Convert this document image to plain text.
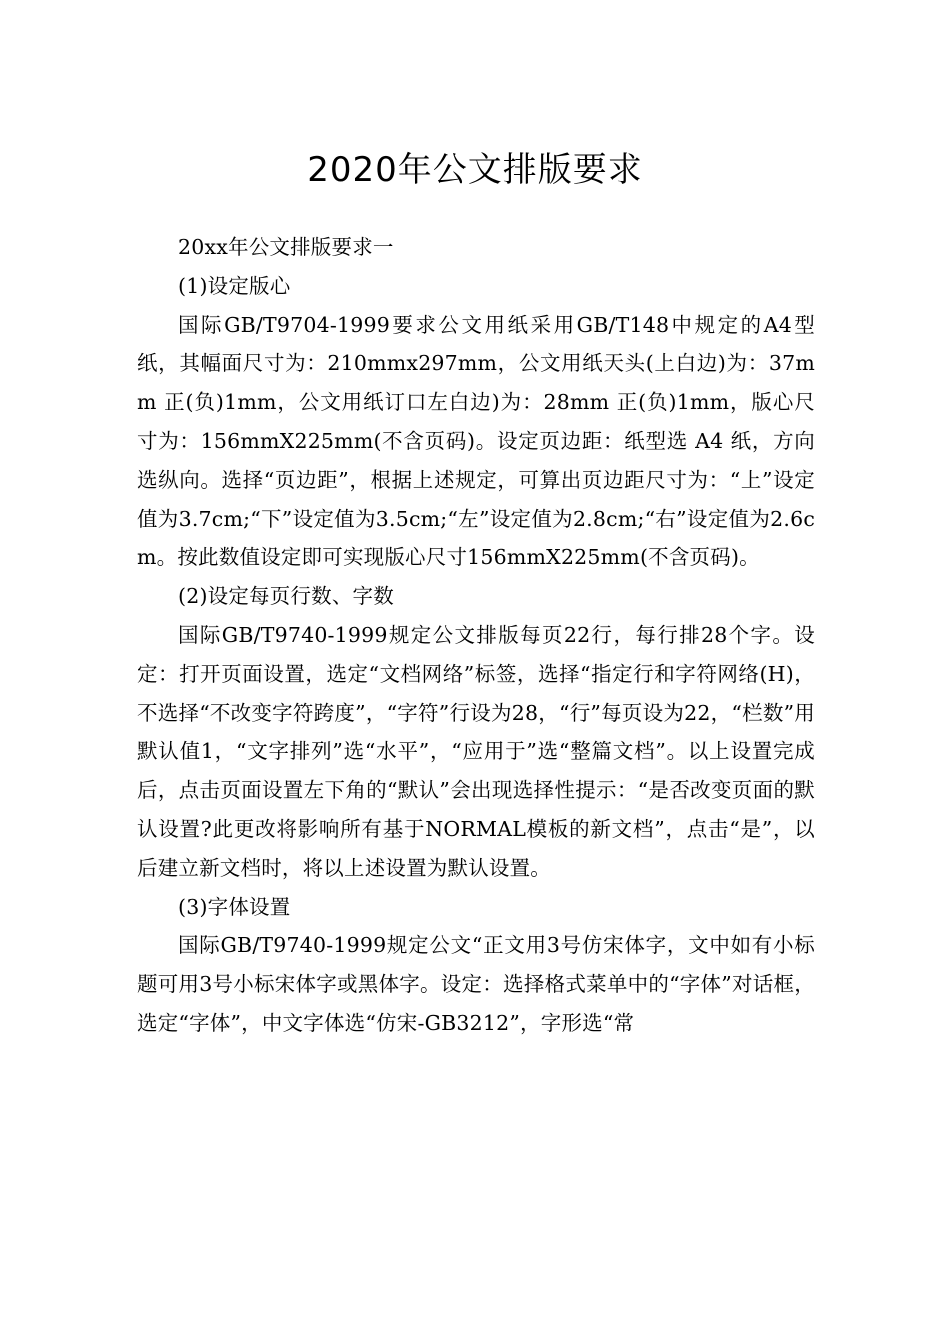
2020年公文排版要求

20xx年公文排版要求一

(1)设定版心

国际GB/T9704-1999要求公文用纸采用GB/T148中规定的A4型纸，其幅面尺寸为：210mmx297mm，公文用纸天头(上白边)为：37mm 正(负)1mm，公文用纸订口左白边)为：28mm 正(负)1mm，版心尺寸为：156mmX225mm(不含页码)。设定页边距：纸型选 A4 纸，方向选纵向。选择“页边距”，根据上述规定，可算出页边距尺寸为：“上”设定值为3.7cm;“下”设定值为3.5cm;“左”设定值为2.8cm;“右”设定值为2.6cm。按此数值设定即可实现版心尺寸156mmX225mm(不含页码)。

(2)设定每页行数、字数

国际GB/T9740-1999规定公文排版每页22行，每行排28个字。设定：打开页面设置，选定“文档网络”标签，选择“指定行和字符网络(H)，不选择“不改变字符跨度”，“字符”行设为28，“行”每页设为22，“栏数”用默认值1，“文字排列”选“水平”，“应用于”选“整篇文档”。以上设置完成后，点击页面设置左下角的“默认”会出现选择性提示：“是否改变页面的默认设置?此更改将影响所有基于NORMAL模板的新文档”，点击“是”，以后建立新文档时，将以上述设置为默认设置。

(3)字体设置

国际GB/T9740-1999规定公文“正文用3号仿宋体字，文中如有小标题可用3号小标宋体字或黑体字。设定：选择格式菜单中的“字体”对话框，选定“字体”，中文字体选“仿宋-GB3212”，字形选“常
